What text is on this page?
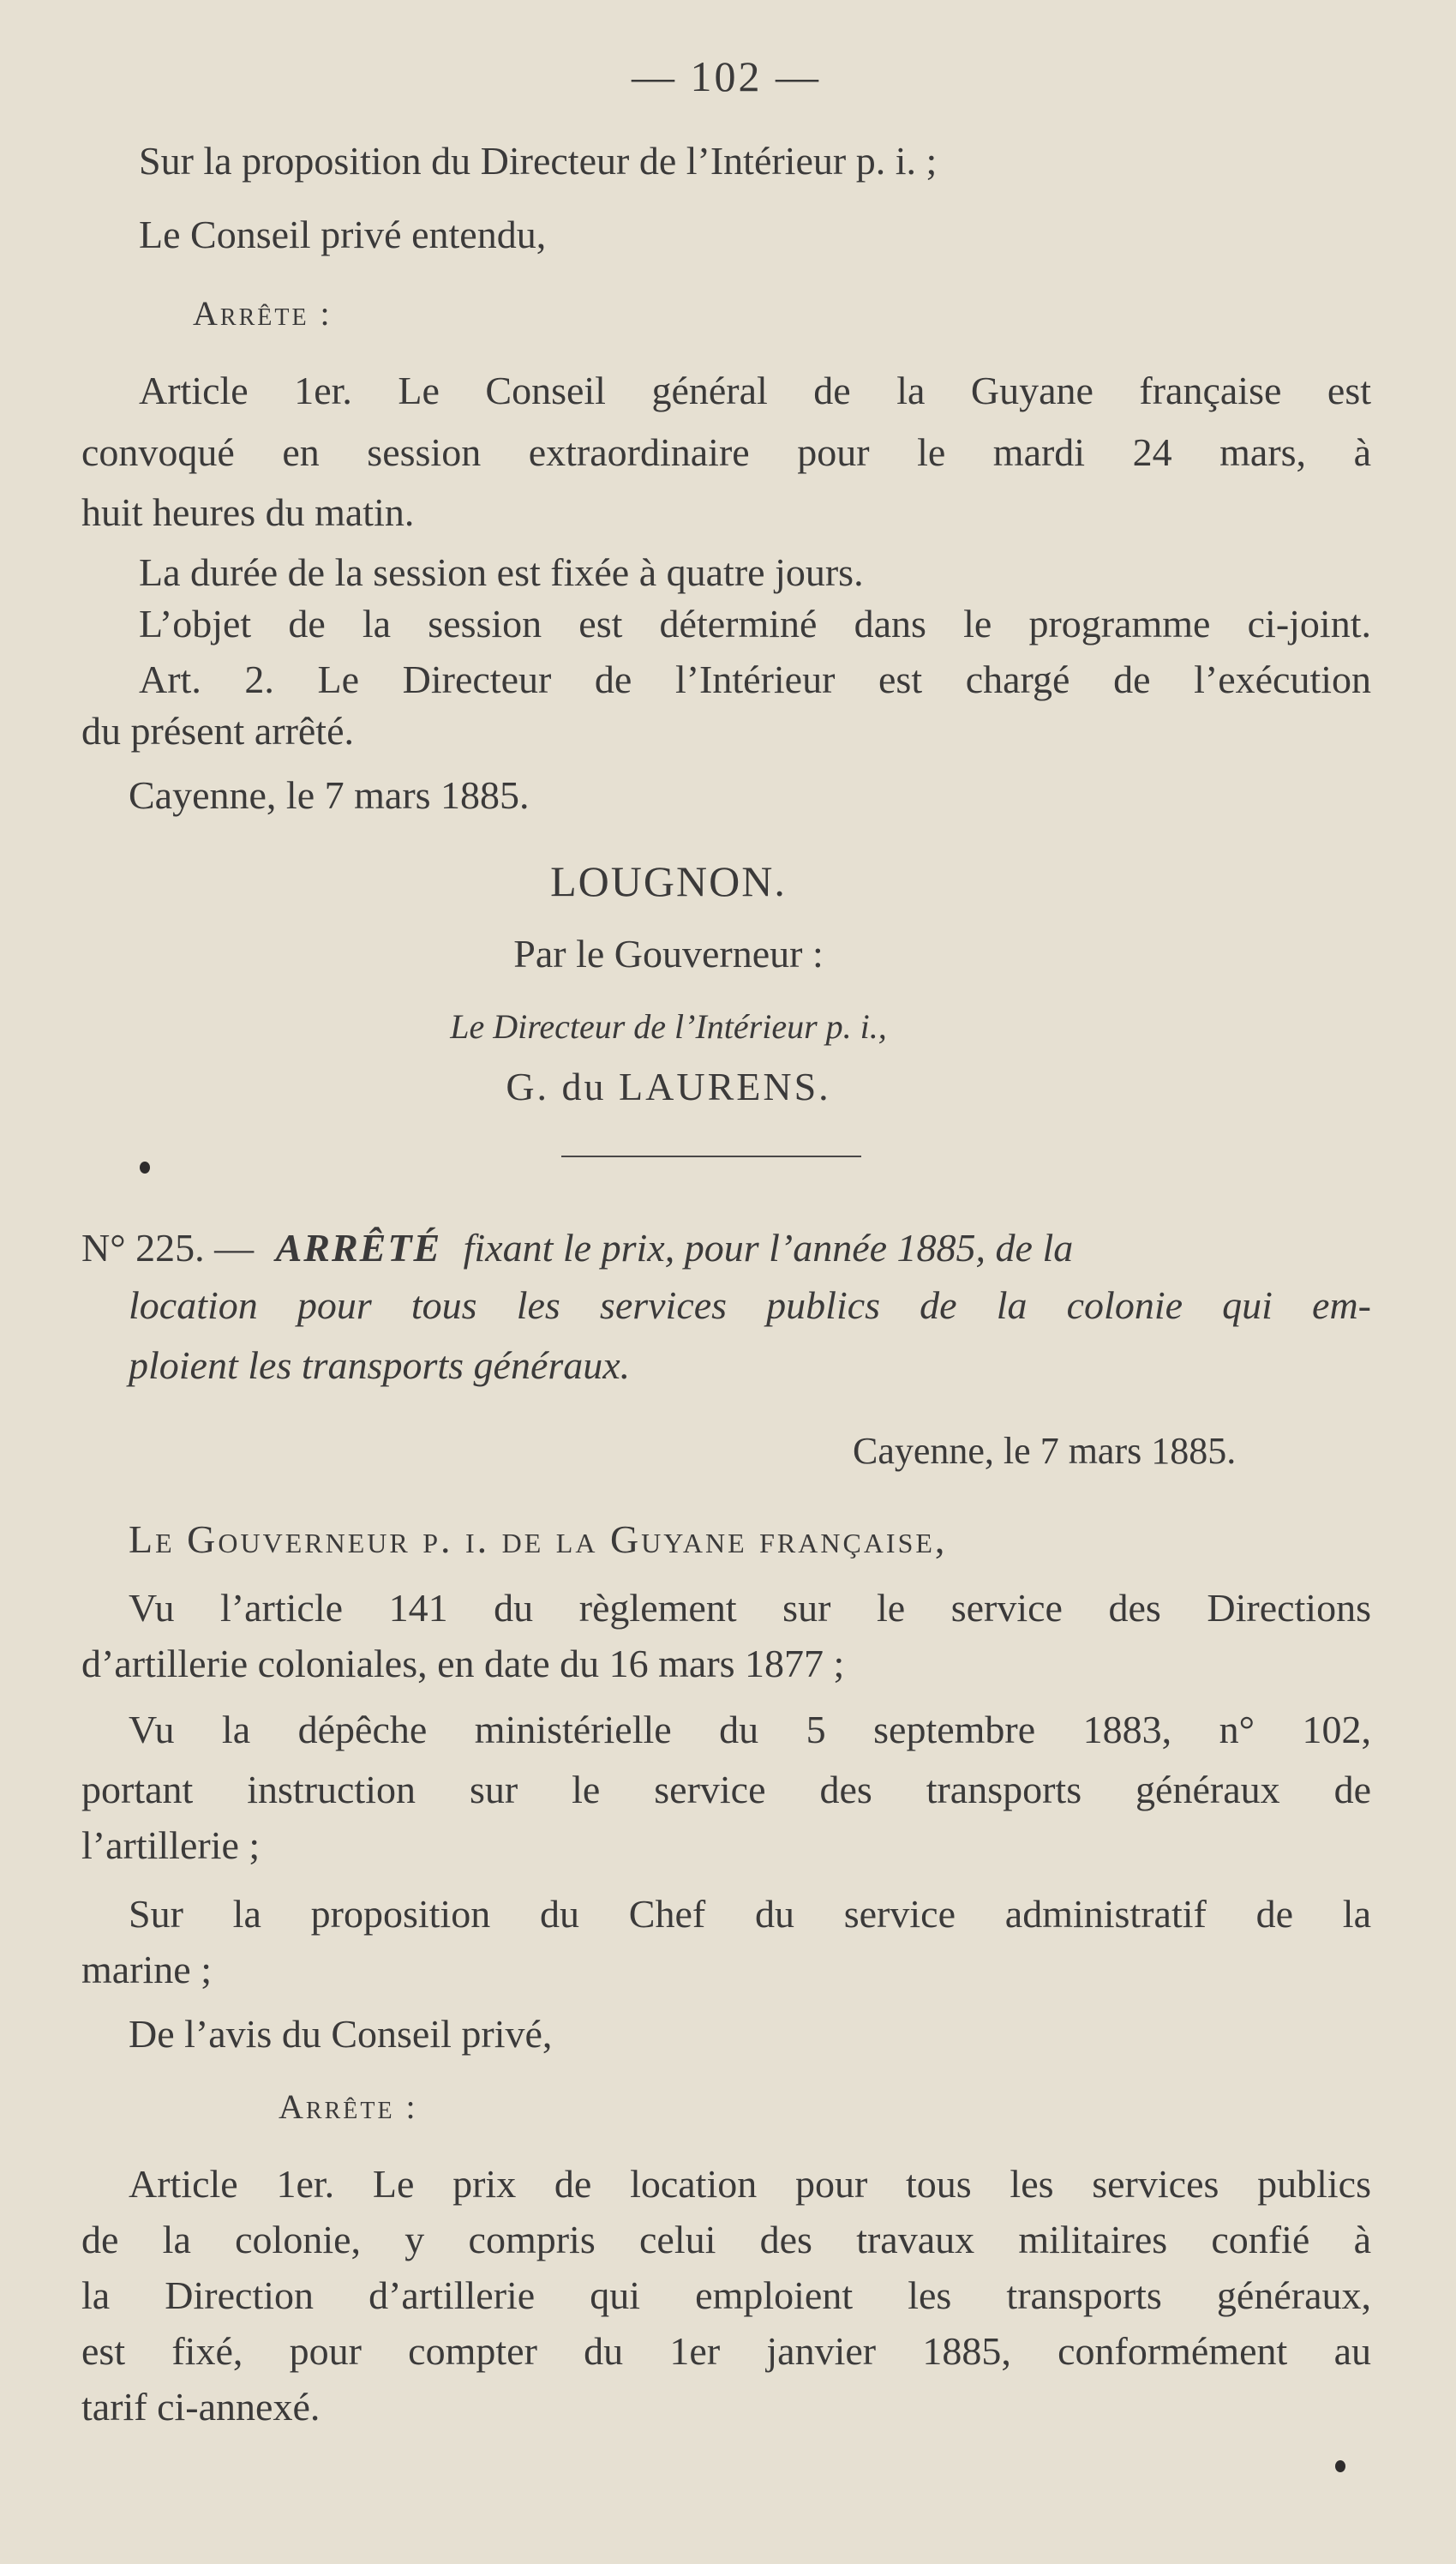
— 102 —
Sur la proposition du Directeur de l’Intérieur p. i. ;
Le Conseil privé entendu,
Arrête :
Article 1er. Le Conseil général de la Guyane française est
convoqué en session extraordinaire pour le mardi 24 mars, à
huit heures du matin.
La durée de la session est fixée à quatre jours.
L’objet de la session est déterminé dans le programme ci-joint.
Art. 2. Le Directeur de l’Intérieur est chargé de l’exécution
du présent arrêté.
Cayenne, le 7 mars 1885.
LOUGNON.
Par le Gouverneur :
Le Directeur de l’Intérieur p. i.,
G. du LAURENS.
N° 225. — ARRÊTÉ fixant le prix, pour l’année 1885, de la
location pour tous les services publics de la colonie qui em-
ploient les transports généraux.
Cayenne, le 7 mars 1885.
Le Gouverneur p. i. de la Guyane française,
Vu l’article 141 du règlement sur le service des Directions
d’artillerie coloniales, en date du 16 mars 1877 ;
Vu la dépêche ministérielle du 5 septembre 1883, n° 102,
portant instruction sur le service des transports généraux de
l’artillerie ;
Sur la proposition du Chef du service administratif de la
marine ;
De l’avis du Conseil privé,
Arrête :
Article 1er. Le prix de location pour tous les services publics
de la colonie, y compris celui des travaux militaires confié à
la Direction d’artillerie qui emploient les transports généraux,
est fixé, pour compter du 1er janvier 1885, conformément au
tarif ci-annexé.
